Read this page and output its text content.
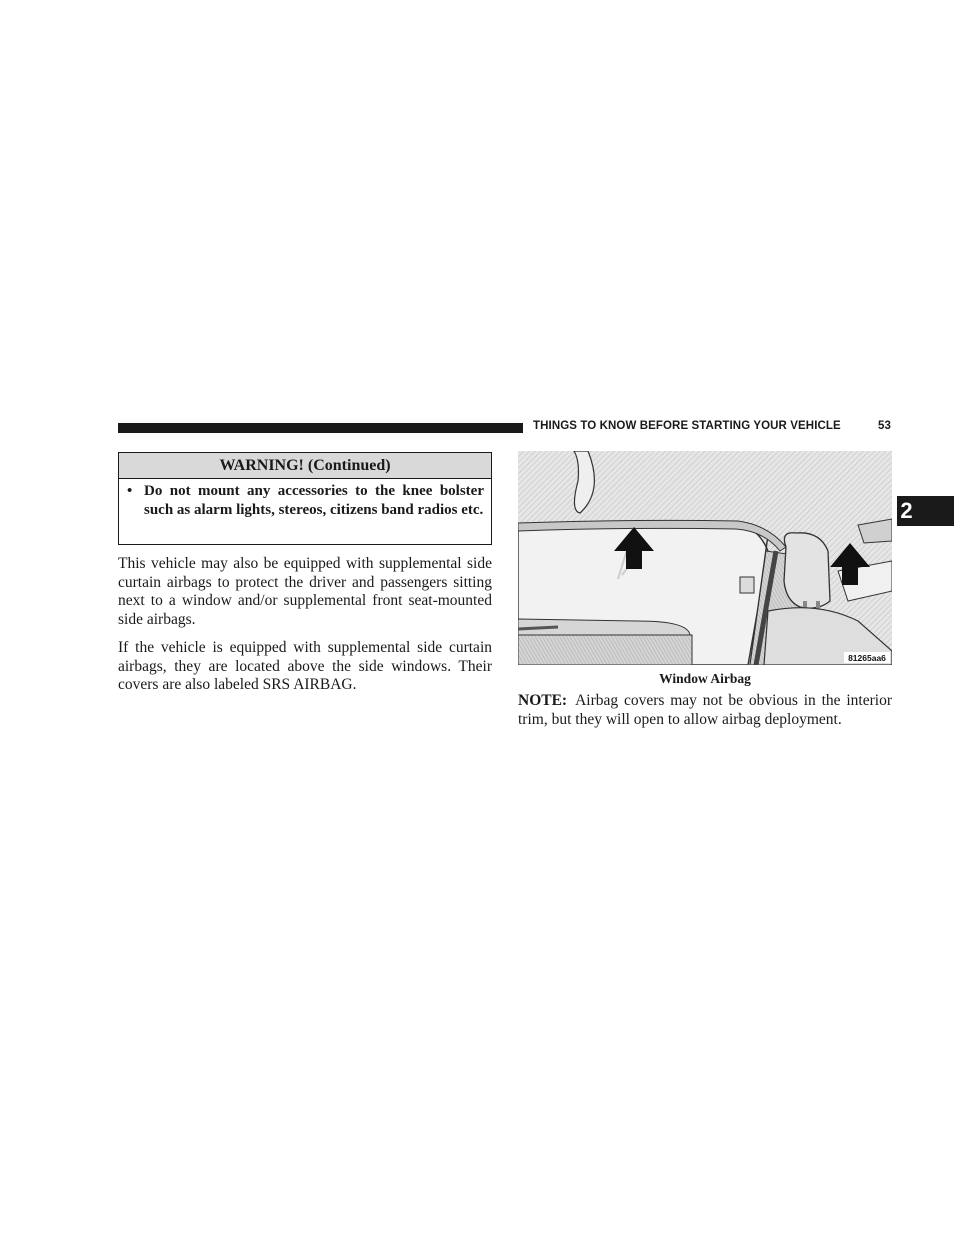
THINGS TO KNOW BEFORE STARTING YOUR VEHICLE	53
2
WARNING! (Continued)
• Do not mount any accessories to the knee bolster such as alarm lights, stereos, citizens band radios etc.

This vehicle may also be equipped with supplemental side curtain airbags to protect the driver and passengers sitting next to a window and/or supplemental front seat-mounted side airbags.

If the vehicle is equipped with supplemental side curtain airbags, they are located above the side windows. Their covers are also labeled SRS AIRBAG.

81265aa6
Window Airbag

NOTE: Airbag covers may not be obvious in the interior trim, but they will open to allow airbag deployment.
